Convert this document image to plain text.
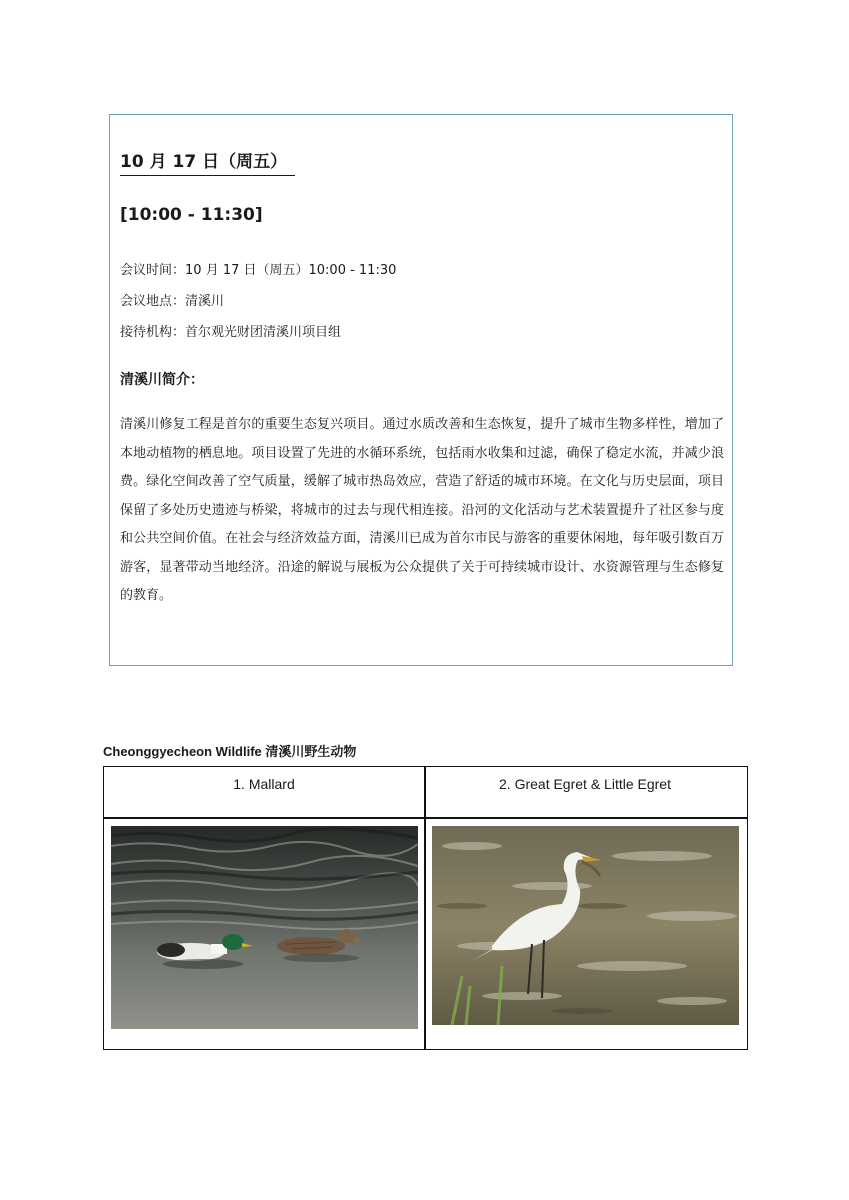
10 月 17 日（周五）
[10:00 - 11:30]
会议时间：10 月 17 日（周五）10:00 - 11:30
会议地点：清溪川
接待机构：首尔观光财团清溪川项目组
清溪川简介：

清溪川修复工程是首尔的重要生态复兴项目。通过水质改善和生态恢复，提升了城市生物多样性，增加了本地动植物的栖息地。项目设置了先进的水循环系统，包括雨水收集和过滤，确保了稳定水流，并减少浪费。绿化空间改善了空气质量，缓解了城市热岛效应，营造了舒适的城市环境。在文化与历史层面，项目保留了多处历史遗迹与桥梁，将城市的过去与现代相连接。沿河的文化活动与艺术装置提升了社区参与度和公共空间价值。在社会与经济效益方面，清溪川已成为首尔市民与游客的重要休闲地，每年吸引数百万游客，显著带动当地经济。沿途的解说与展板为公众提供了关于可持续城市设计、水资源管理与生态修复的教育。

Cheonggyecheon Wildlife 清溪川野生动物
1. Mallard	2. Great Egret & Little Egret
